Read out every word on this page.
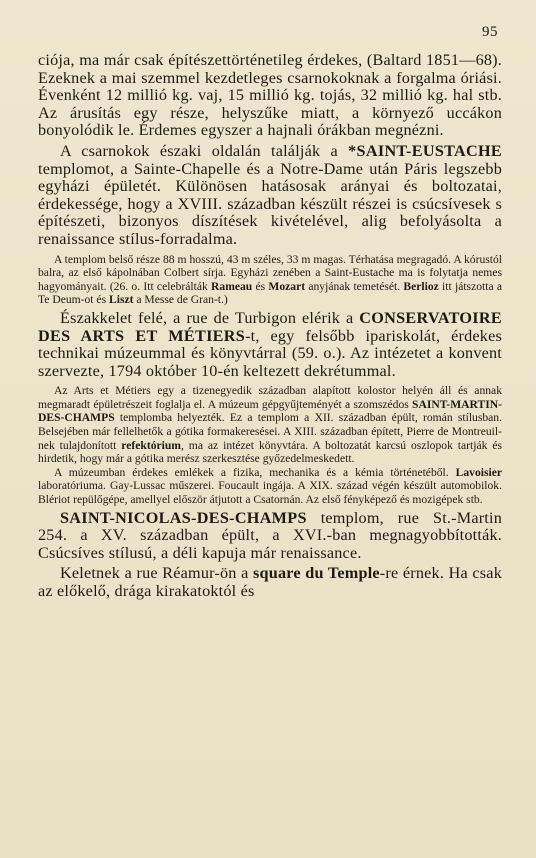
95

ciója, ma már csak építészettörténetileg érdekes, (Baltard 1851—68). Ezeknek a mai szemmel kezdetleges csarnokoknak a forgalma óriási. Évenként 12 millió kg. vaj, 15 millió kg. tojás, 32 millió kg. hal stb. Az árusítás egy része, helyszűke miatt, a környező uccákon bonyolódik le. Érdemes egyszer a hajnali órákban megnézni.

A csarnokok északi oldalán találják a *SAINT-EUSTACHE templomot, a Sainte-Chapelle és a Notre-Dame után Páris legszebb egyházi épületét. Különösen hatásosak arányai és boltozatai, érdekessége, hogy a XVIII. században készült részei is csúcsívesek s építészeti, bizonyos díszítések kivételével, alig befolyásolta a renaissance stílus-forradalma.

A templom belső része 88 m hosszú, 43 m széles, 33 m magas. Térhatása megragadó. A kórustól balra, az első kápolnában Colbert sírja. Egyházi zenében a Saint-Eustache ma is folytatja nemes hagyományait. (26. o. Itt celebrálták Rameau és Mozart anyjának temetését. Berlioz itt játszotta a Te Deum-ot és Liszt a Messe de Gran-t.)

Északkelet felé, a rue de Turbigon elérik a CONSERVATOIRE DES ARTS ET MÉTIERS-t, egy felsőbb ipariskolát, érdekes technikai múzeummal és könyvtárral (59. o.). Az intézetet a konvent szervezte, 1794 október 10-én keltezett dekrétummal.

Az Arts et Métiers egy a tizenegyedik században alapított kolostor helyén áll és annak megmaradt épületrészeit foglalja el. A múzeum gépgyűjteményét a szomszédos SAINT-MARTIN-DES-CHAMPS templomba helyezték. Ez a templom a XII. században épült, román stílusban. Belsejében már fellelhetők a gótika formakeresései. A XIII. században épített, Pierre de Montreuil-nek tulajdonított refektórium, ma az intézet könyvtára. A boltozatát karcsú oszlopok tartják és hirdetik, hogy már a gótika merész szerkesztése győzedelmeskedett.

A múzeumban érdekes emlékek a fizika, mechanika és a kémia történetéből. Lavoisier laboratóriuma. Gay-Lussac műszerei. Foucault ingája. A XIX. század végén készült automobilok. Blériot repülőgépe, amellyel először átjutott a Csatornán. Az első fényképező és mozigépek stb.

SAINT-NICOLAS-DES-CHAMPS templom, rue St.-Martin 254. a XV. században épült, a XVI.-ban megnagyobbították. Csúcsíves stílusú, a déli kapuja már renaissance.

Keletnek a rue Réamur-ön a square du Temple-re érnek. Ha csak az előkelő, drága kirakatoktól és
